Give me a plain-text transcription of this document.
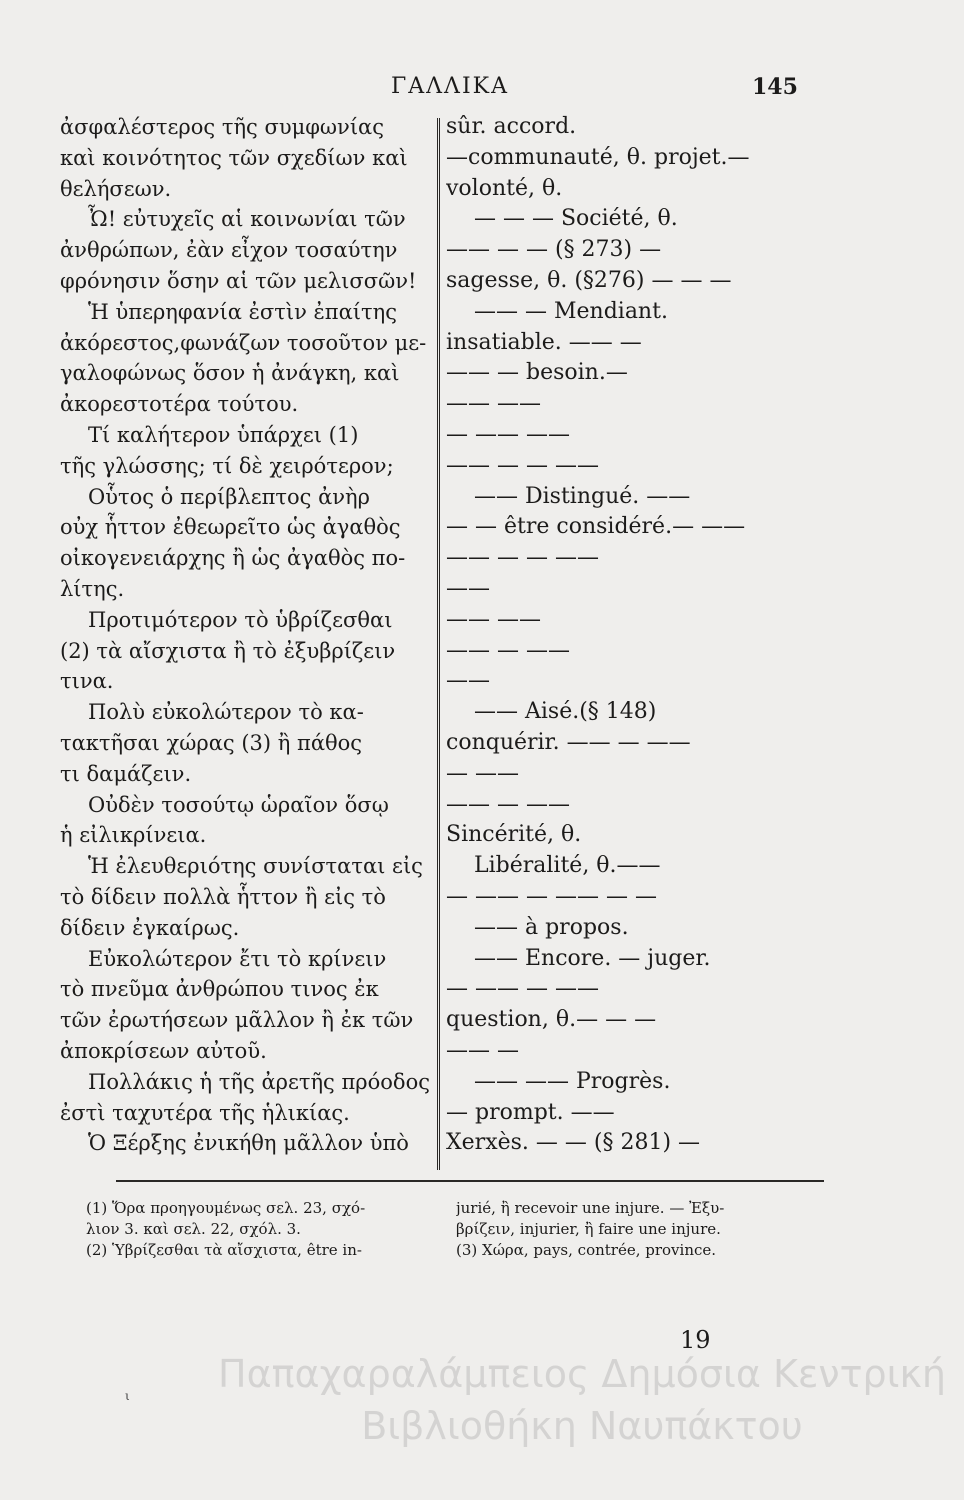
ΓΑΛΛΙΚΑ	145
ἀσφαλέστερος τῆς συμφωνίας
καὶ κοινότητος τῶν σχεδίων καὶ
θελήσεων.
Ὦ! εὐτυχεῖς αἱ κοινωνίαι τῶν
ἀνθρώπων, ἐὰν εἶχον τοσαύτην
φρόνησιν ὅσην αἱ τῶν μελισσῶν!
Ἡ ὑπερηφανία ἐστὶν ἐπαίτης
ἀκόρεστος,φωνάζων τοσοῦτον με-
γαλοφώνως ὅσον ἡ ἀνάγκη, καὶ
ἀκορεστοτέρα τούτου.
Τί καλήτερον ὑπάρχει (1)
τῆς γλώσσης; τί δὲ χειρότερον;
Οὗτος ὁ περίβλεπτος ἀνὴρ
οὐχ ἧττον ἐθεωρεῖτο ὡς ἀγαθὸς
οἰκογενειάρχης ἢ ὡς ἀγαθὸς πο-
λίτης.
Προτιμότερον τὸ ὑβρίζεσθαι
(2) τὰ αἴσχιστα ἢ τὸ ἐξυβρίζειν
τινα.
Πολὺ εὐκολώτερον τὸ κα-
τακτῆσαι χώρας (3) ἢ πάθος
τι δαμάζειν.
Οὐδὲν τοσούτῳ ὡραῖον ὅσῳ
ἡ εἰλικρίνεια.
Ἡ ἐλευθεριότης συνίσταται εἰς
τὸ δίδειν πολλὰ ἧττον ἢ εἰς τὸ
δίδειν ἐγκαίρως.
Εὐκολώτερον ἔτι τὸ κρίνειν
τὸ πνεῦμα ἀνθρώπου τινος ἐκ
τῶν ἐρωτήσεων μᾶλλον ἢ ἐκ τῶν
ἀποκρίσεων αὐτοῦ.
Πολλάκις ἡ τῆς ἀρετῆς πρόοδος
ἐστὶ ταχυτέρα τῆς ἡλικίας.
Ὁ Ξέρξης ἐνικήθη μᾶλλον ὑπὸ
sûr. accord.
—communauté, θ. projet.—
volonté, θ.
— — — Société, θ.
—— — — (§ 273) —
sagesse, θ. (§276) — — —
—— — Mendiant.
insatiable. —— —
—— — besoin.—
—— ——
— —— ——
—— — — ——
—— Distingué. ——
— — être considéré.— ——
—— — — ——
——
—— ——
—— — ——
——
—— Aisé.(§ 148)
conquérir. —— — ——
— ——
—— — ——
Sincérité, θ.
Libéralité, θ.——
— —— — —— — —
—— à propos.
—— Encore. — juger.
— —— — ——
question, θ.— — —
—— —
—— —— Progrès.
— prompt. ——
Xerxès. — — (§ 281) —
(1) Ὅρα προηγουμένως σελ. 23, σχό-
λιον 3. καὶ σελ. 22, σχόλ. 3.
(2) Ὑβρίζεσθαι τὰ αἴσχιστα, être in-
jurié, ἢ recevoir une injure. — Ἐξυ-
βρίζειν, injurier, ἢ faire une injure.
(3) Χώρα, pays, contrée, province.
19
ι	Παπαχαραλάμπειος Δημόσια Κεντρική
Βιβλιοθήκη Ναυπάκτου
